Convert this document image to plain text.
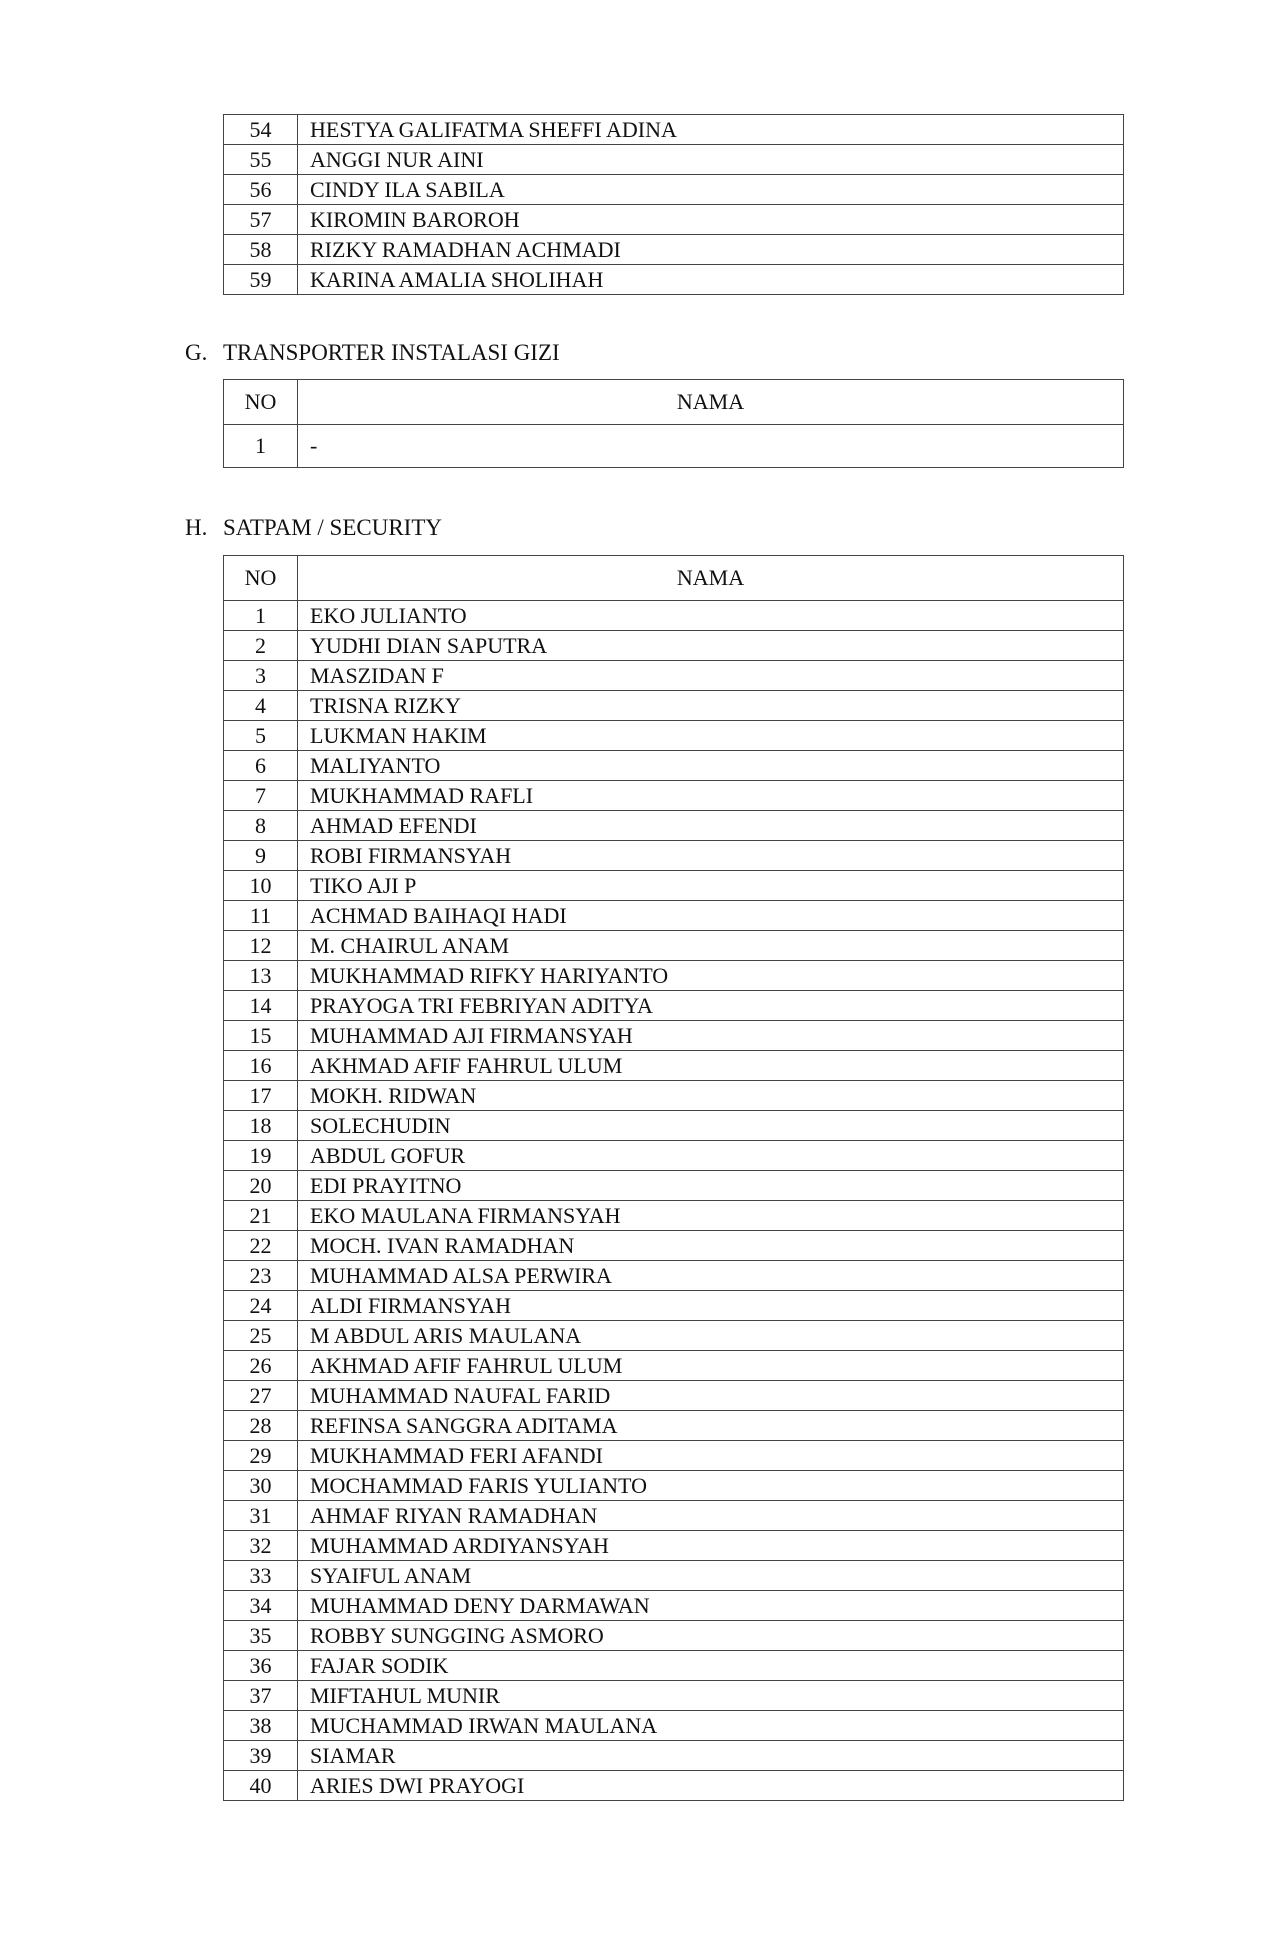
54	HESTYA GALIFATMA SHEFFI ADINA
55	ANGGI NUR AINI
56	CINDY ILA SABILA
57	KIROMIN BAROROH
58	RIZKY RAMADHAN ACHMADI
59	KARINA AMALIA SHOLIHAH
G. TRANSPORTER INSTALASI GIZI
NO	NAMA
1	-
H. SATPAM / SECURITY
NO	NAMA
1	EKO JULIANTO
2	YUDHI DIAN SAPUTRA
3	MASZIDAN F
4	TRISNA RIZKY
5	LUKMAN HAKIM
6	MALIYANTO
7	MUKHAMMAD RAFLI
8	AHMAD EFENDI
9	ROBI FIRMANSYAH
10	TIKO AJI P
11	ACHMAD BAIHAQI HADI
12	M. CHAIRUL ANAM
13	MUKHAMMAD RIFKY HARIYANTO
14	PRAYOGA TRI FEBRIYAN ADITYA
15	MUHAMMAD AJI FIRMANSYAH
16	AKHMAD AFIF FAHRUL ULUM
17	MOKH. RIDWAN
18	SOLECHUDIN
19	ABDUL GOFUR
20	EDI PRAYITNO
21	EKO MAULANA FIRMANSYAH
22	MOCH. IVAN RAMADHAN
23	MUHAMMAD ALSA PERWIRA
24	ALDI FIRMANSYAH
25	M ABDUL ARIS MAULANA
26	AKHMAD AFIF FAHRUL ULUM
27	MUHAMMAD NAUFAL FARID
28	REFINSA SANGGRA ADITAMA
29	MUKHAMMAD FERI AFANDI
30	MOCHAMMAD FARIS YULIANTO
31	AHMAF RIYAN RAMADHAN
32	MUHAMMAD ARDIYANSYAH
33	SYAIFUL ANAM
34	MUHAMMAD DENY DARMAWAN
35	ROBBY SUNGGING ASMORO
36	FAJAR SODIK
37	MIFTAHUL MUNIR
38	MUCHAMMAD IRWAN MAULANA
39	SIAMAR
40	ARIES DWI PRAYOGI
